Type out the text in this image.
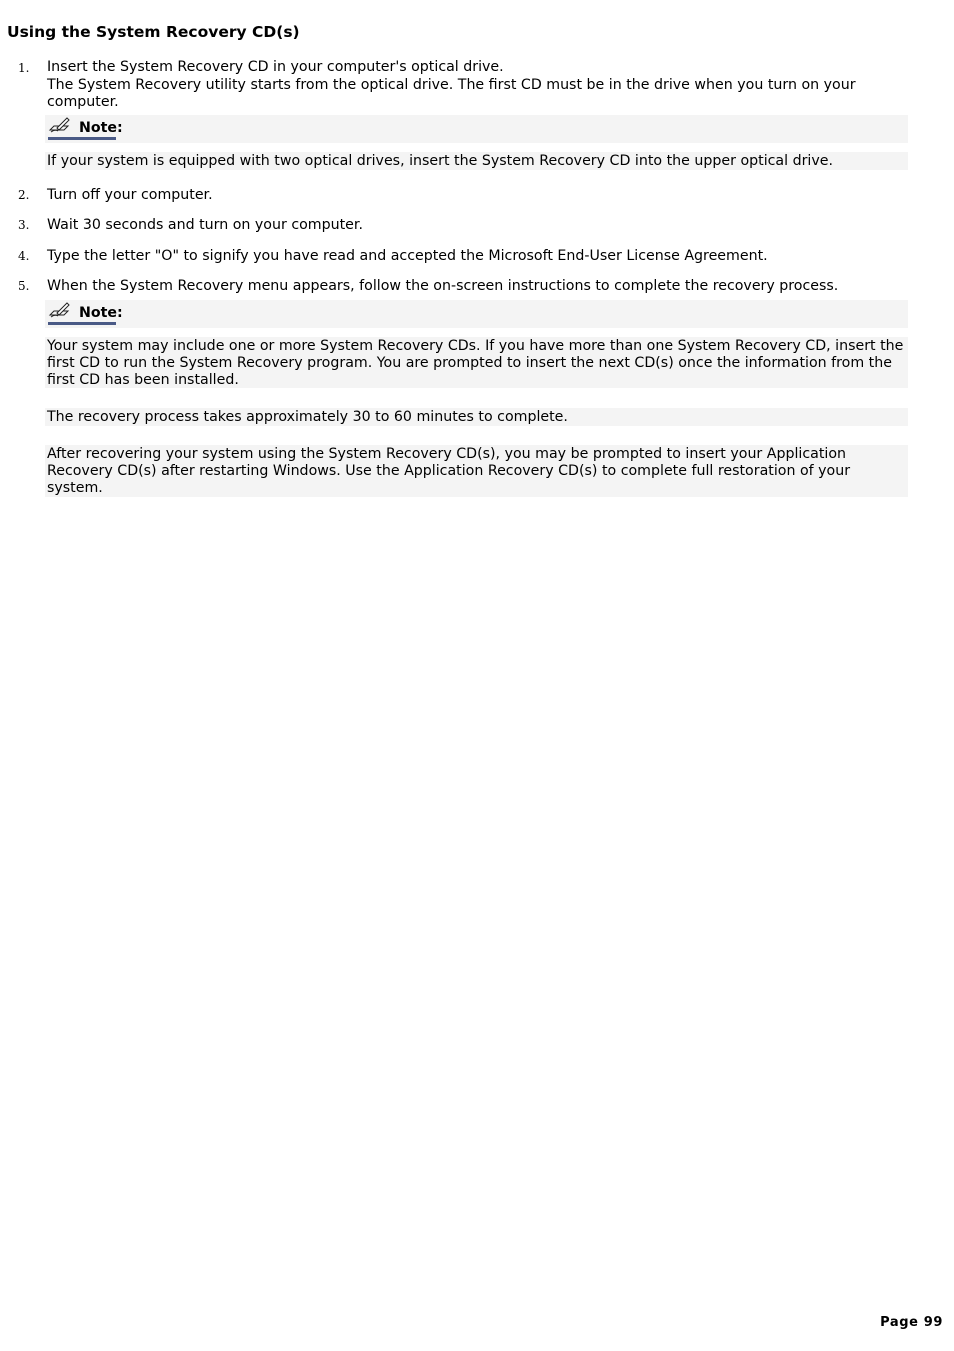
Using the System Recovery CD(s)
1. Insert the System Recovery CD in your computer's optical drive.

The System Recovery utility starts from the optical drive. The first CD must be in the drive when you turn on your computer.

Note:

If your system is equipped with two optical drives, insert the System Recovery CD into the upper optical drive.

2. Turn off your computer.

3. Wait 30 seconds and turn on your computer.

4. Type the letter "O" to signify you have read and accepted the Microsoft End-User License Agreement.

5. When the System Recovery menu appears, follow the on-screen instructions to complete the recovery process.

Note:

Your system may include one or more System Recovery CDs. If you have more than one System Recovery CD, insert the first CD to run the System Recovery program. You are prompted to insert the next CD(s) once the information from the first CD has been installed.

The recovery process takes approximately 30 to 60 minutes to complete.

After recovering your system using the System Recovery CD(s), you may be prompted to insert your Application Recovery CD(s) after restarting Windows. Use the Application Recovery CD(s) to complete full restoration of your system.

Page 99
